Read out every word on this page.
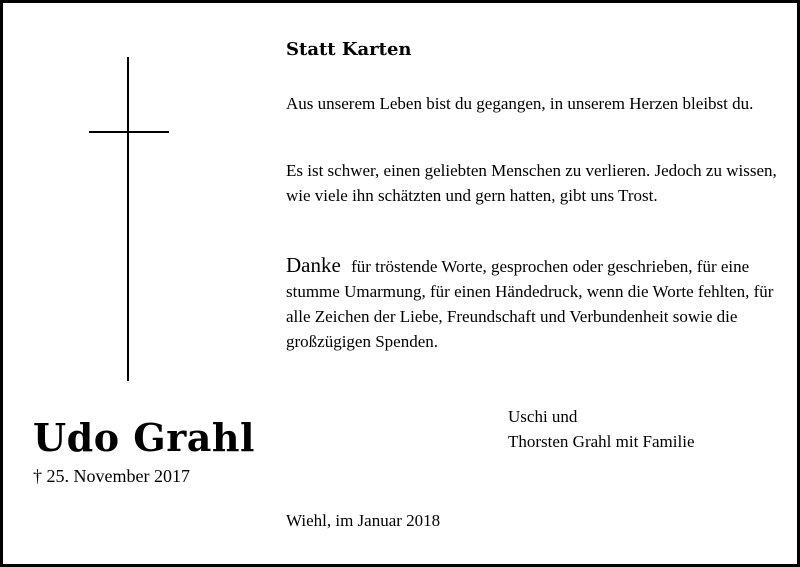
Statt Karten

Aus unserem Leben bist du gegangen, in unserem Herzen bleibst du.

Es ist schwer, einen geliebten Menschen zu verlieren. Jedoch zu wissen, wie viele ihn schätzten und gern hatten, gibt uns Trost.

Danke für tröstende Worte, gesprochen oder geschrieben, für eine stumme Umarmung, für einen Händedruck, wenn die Worte fehlten, für alle Zeichen der Liebe, Freundschaft und Verbundenheit sowie die großzügigen Spenden.

Uschi und
Thorsten Grahl mit Familie
Udo Grahl

† 25. November 2017

Wiehl, im Januar 2018
